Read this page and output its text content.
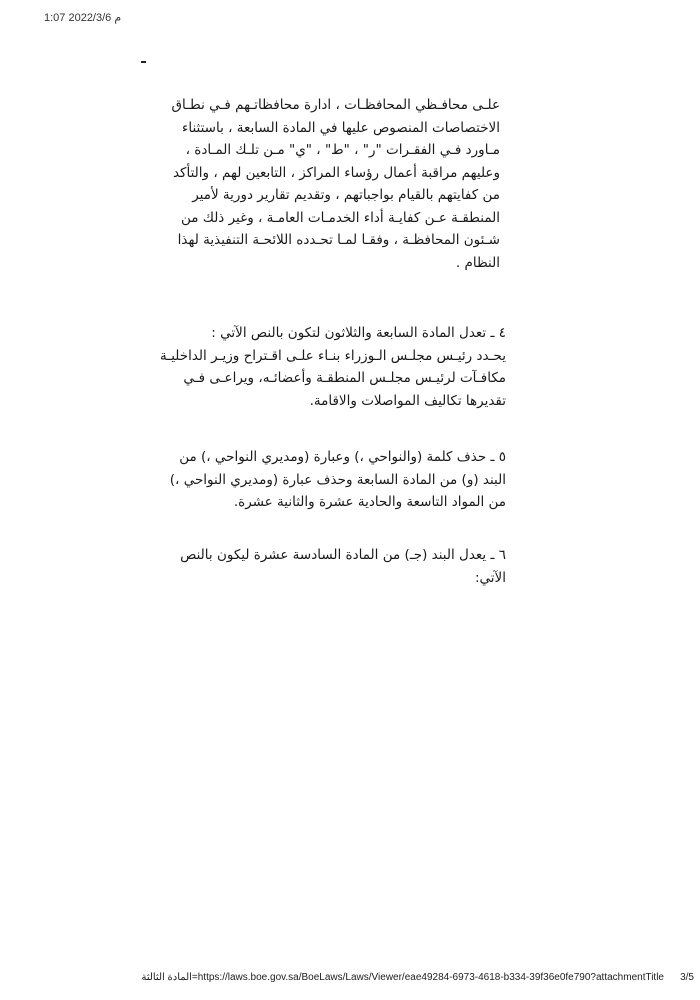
1:07 2022/3/6 م
علـى محافـظي المحافظـات ، ادارة محافظاتـهم فـي نطـاق
الاختصاصات المنصوص عليها في المادة السابعة ، باستثناء
مـاورد فـي الفقـرات "ر" ، "ط" ، "ي" مـن تلـك المـادة ،
وعليهم مراقبة أعمال رؤساء المراكز ، التابعين لهم ، والتأكد
من كفايتهم بالقيام بواجباتهم ، وتقديم تقارير دورية لأمير
المنطقـة عـن كفايـة أداء الخدمـات العامـة ، وغير ذلك من
شـئون المحافظـة ، وفقـا لمـا تحـدده اللائحـة التنفيذية لهذا
النظام .
٤ ـ تعدل المادة السابعة والثلاثون لتكون بالنص الآتي :
يحـدد رئيـس مجلـس الـوزراء بنـاء علـى اقـتراح وزيـر الداخليـة
مكافـآت لرئيـس مجلـس المنطقـة وأعضائـه، ويراعـى فـي
تقديرها تكاليف المواصلات والاقامة.
٥ ـ حذف كلمة (والنواحي ،) وعبارة (ومديري النواحي ،) من
البند (و) من المادة السابعة وحذف عبارة (ومديري النواحي ،)
من المواد التاسعة والحادية عشرة والثانية عشرة.
٦ ـ يعدل البند (جـ) من المادة السادسة عشرة ليكون بالنص
الآتي:
المادة الثالثة=https://laws.boe.gov.sa/BoeLaws/Laws/Viewer/eae49284-6973-4618-b334-39f36e0fe790?attachmentTitle 3/5
